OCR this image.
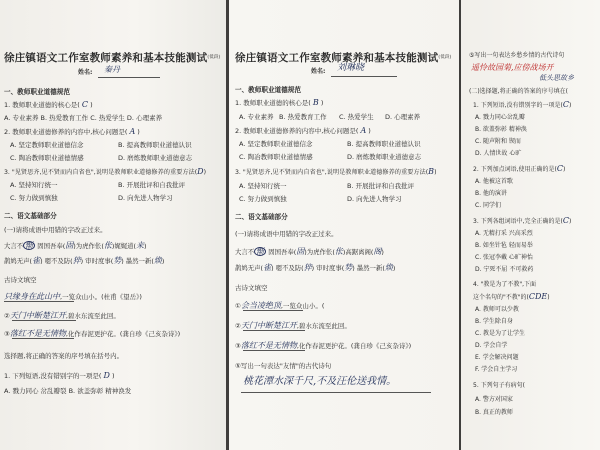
徐庄镇语文工作室教师素养和基本技能测试(低段)
姓名: 秦丹
一、教师职业道德规范
1. 教师职业道德的核心是( C )
A. 专业素养 B. 热爱教育工作 C. 热爱学生 D. 心理素养
2. 教师职业道德修养的内容中,核心问题是( A )
A. 坚定教师职业道德信念	B. 提高教师职业道德认识
C. 陶冶教师职业道德情感	D. 磨炼教师职业道德意志
3. "见贤思齐,见不贤而内自省也",说明是教师职业道德修养的重要方法(D)
A. 坚持知行统一	B. 开展批评和自我批评
C. 努力做到慎独	D. 向先进人物学习
二、语文基础部分
(一)请将成语中用错的字改正过来。
大言不 惭 固国吾奉(固)为虎作伥(伥)娓娓道(来)
鹊鸠无声(雀) 嗯不及防(猝) 审时度事(势) 墨然一新(焕)
古诗文填空
只缘身在此山中,一览众山小。(杜甫《望岳》)
②天门中断楚江开,碧水东流至此回。
③落红不是无情物,化作春泥更护花。(龚自珍《己亥杂诗》)
选择题,将正确的答案的序号填在括号内。
1. 下列短语,没有错别字的一项是( D )
A. 戮力同心 岔乱瓣裂 B. 欲盖弥彰 精神涣发
徐庄镇语文工作室教师素养和基本技能测试(低段)
姓名: 刘琳晓
一、教师职业道德规范
1. 教师职业道德的核心是( B )
A. 专业素养 B. 热爱教育工作 C. 热爱学生 D. 心理素养
2. 教师职业道德修养的内容中,核心问题是( A )
A. 坚定教师职业道德信念	B. 提高教师职业道德认识
C. 陶冶教师职业道德情感	D. 磨炼教师职业道德意志
3. "见贤思齐,见不贤而内自省也",说明是教师职业道德修养的重要方法(B)
A. 坚持知行统一	B. 开展批评和自我批评
C. 努力做到慎独	D. 向先进人物学习
二、语文基础部分
(一)请将成语中用错的字改正过来。
大言不 惭 固国吾奉(固)为虎作伥(伥)高踞离阁(阁)
鹊鸠无声(雀) 嗯不及防(猝) 审时度事(势) 墨然一新(焕)
古诗文填空
①会当凌绝顶,一览众山小。(
②天门中断楚江开,碧水东流至此回。
③落红不是无情物,化作春泥更护花。(龚自珍《己亥杂诗》)
⑤写出一句表达"友情"的古代诗句
桃花潭水深千尺,不及汪伦送我情。
⑤写出一句表达乡愁乡情的古代诗句
遥怜故园菊,应傍战场开
低头思故乡
(二)选择题,将正确的答案的序号填在(
1. 下列短语,没有错别字的一项是(C)
A. 戮力同心岔乱瓣
B. 欲盖弥彰 精神涣
C. 随声附和 锲而
D. 人情世故 心旷
2. 下列加点词语,使用正确的是(C)
A. 他被这首歌
B. 他的演讲
C. 同学们
3. 下列各组词语中,完全正确的是(C)
A. 无精打采 兴高采烈
B. 如坐针毡 轻而易举
C. 张冠李戴 心旷神怡
D. 宁死不屈 不可救药
4. "教是为了不教",下面
这个名句的"不教"的(CDE)
A. 教师可以少教
B. 学生除自身
C. 教是为了让学生
D. 学会自学
E. 学会解决问题
F. 学会自主学习
5. 下列句子有病句(
A. 警方对国家
B. 真正的教师
